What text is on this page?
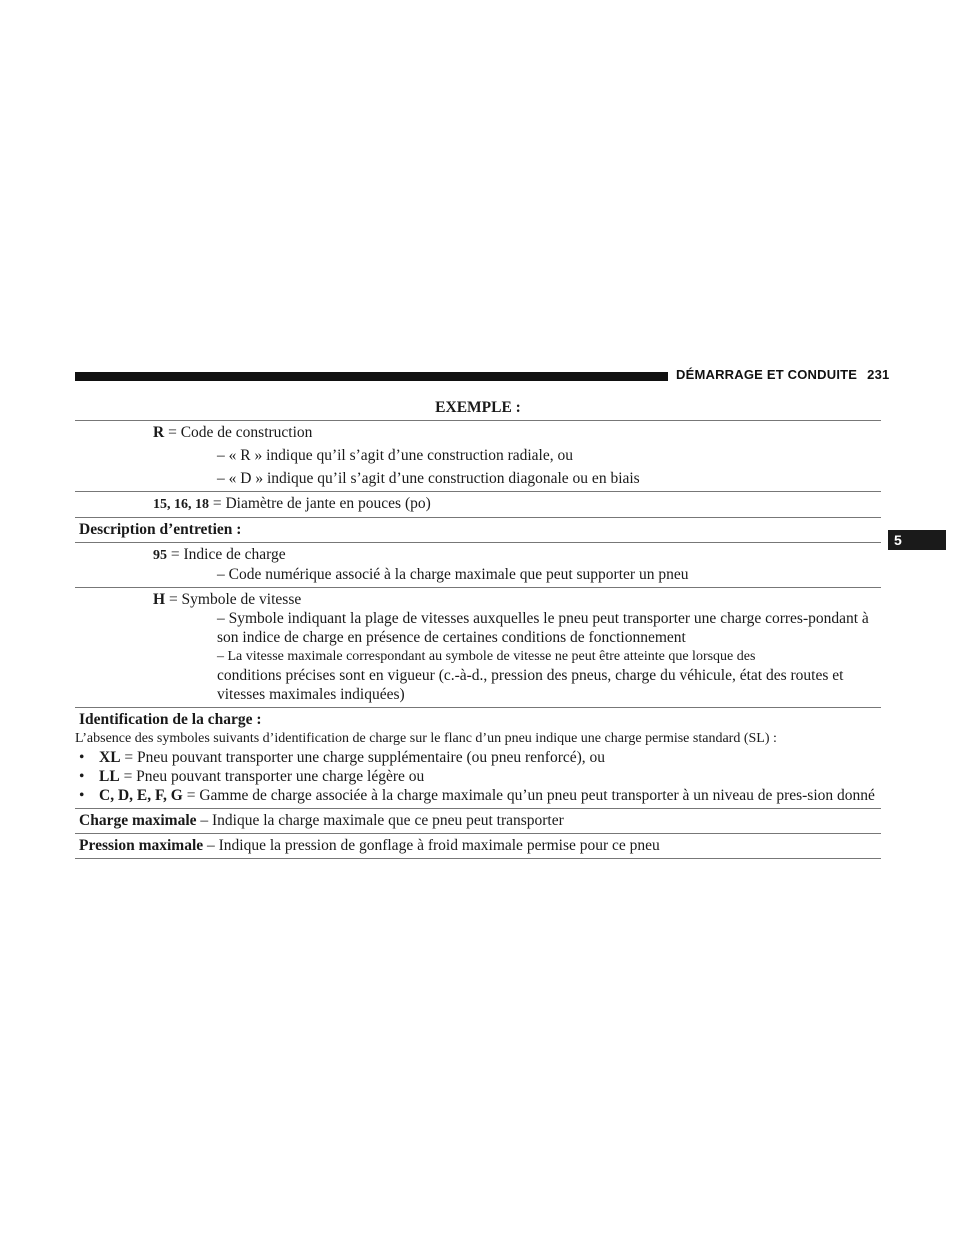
DÉMARRAGE ET CONDUITE 231
5
EXEMPLE :
R = Code de construction
– « R » indique qu’il s’agit d’une construction radiale, ou
– « D » indique qu’il s’agit d’une construction diagonale ou en biais
15, 16, 18 = Diamètre de jante en pouces (po)
Description d’entretien :
95 = Indice de charge
– Code numérique associé à la charge maximale que peut supporter un pneu
H = Symbole de vitesse
– Symbole indiquant la plage de vitesses auxquelles le pneu peut transporter une charge corres-pondant à son indice de charge en présence de certaines conditions de fonctionnement
– La vitesse maximale correspondant au symbole de vitesse ne peut être atteinte que lorsque des
conditions précises sont en vigueur (c.-à-d., pression des pneus, charge du véhicule, état des routes et vitesses maximales indiquées)
Identification de la charge :
L’absence des symboles suivants d’identification de charge sur le flanc d’un pneu indique une charge permise standard (SL) :
• XL = Pneu pouvant transporter une charge supplémentaire (ou pneu renforcé), ou
• LL = Pneu pouvant transporter une charge légère ou
• C, D, E, F, G = Gamme de charge associée à la charge maximale qu’un pneu peut transporter à un niveau de pres-sion donné
Charge maximale – Indique la charge maximale que ce pneu peut transporter
Pression maximale – Indique la pression de gonflage à froid maximale permise pour ce pneu
